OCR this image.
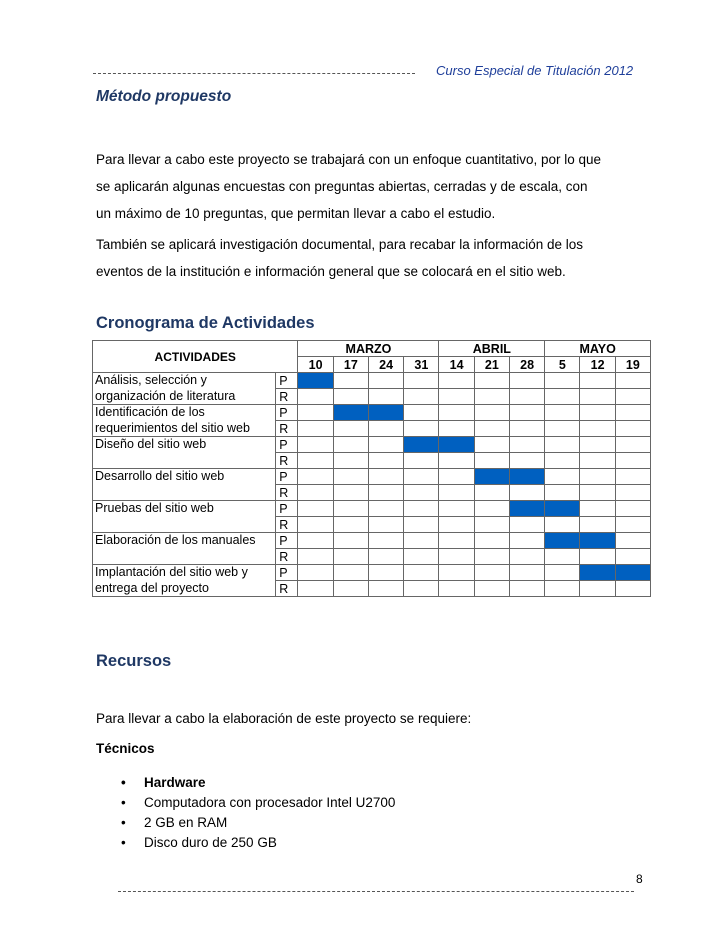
Curso Especial de Titulación 2012
Método propuesto
Para llevar a cabo este proyecto se trabajará con un enfoque cuantitativo, por lo que
se aplicarán algunas encuestas con preguntas abiertas, cerradas y de escala, con
un máximo de 10 preguntas, que permitan llevar a cabo el estudio.
También se aplicará investigación documental, para recabar la información de los
eventos de la institución e información general que se colocará en el sitio web.
Cronograma de Actividades
ACTIVIDADES		MARZO				ABRIL			MAYO		
		10	17	24	31	14	21	28	5	12	19
Análisis, selección y	P										
organización de literatura	R										
Identificación de los	P										
requerimientos del sitio web	R										
Diseño del sitio web	P										
	R										
Desarrollo del sitio web	P										
	R										
Pruebas del sitio web	P										
	R										
Elaboración de los manuales	P										
	R										
Implantación del sitio web y	P										
entrega del proyecto	R										
Recursos
Para llevar a cabo la elaboración de este proyecto se requiere:
Técnicos
• Hardware
• Computadora con procesador Intel U2700
• 2 GB en RAM
• Disco duro de 250 GB
8
